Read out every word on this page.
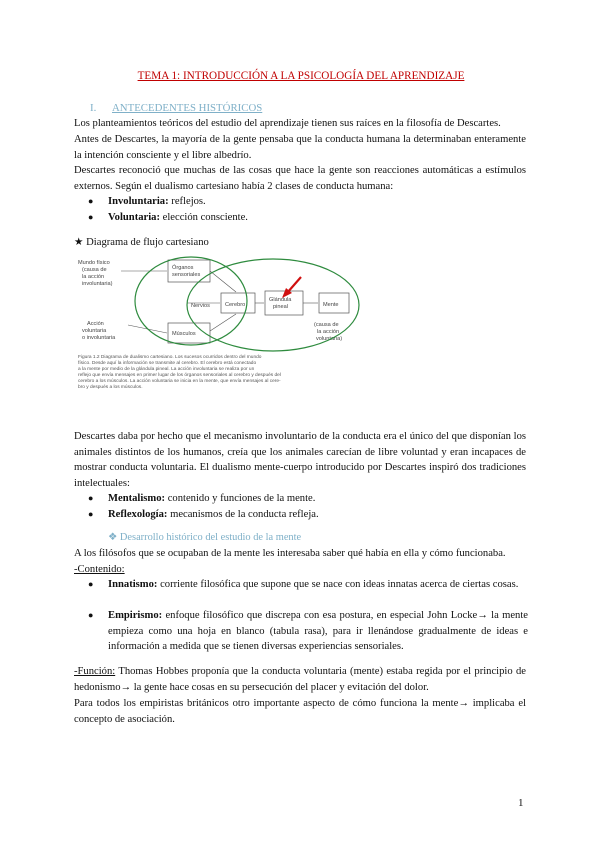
TEMA 1: INTRODUCCIÓN A LA PSICOLOGÍA DEL APRENDIZAJE
I. ANTECEDENTES HISTÓRICOS
Los planteamientos teóricos del estudio del aprendizaje tienen sus raíces en la filosofía de Descartes.
Antes de Descartes, la mayoría de la gente pensaba que la conducta humana la determinaban enteramente la intención consciente y el libre albedrío.
Descartes reconoció que muchas de las cosas que hace la gente son reacciones automáticas a estímulos externos. Según el dualismo cartesiano había 2 clases de conducta humana:
● Involuntaria: reflejos.
● Voluntaria: elección consciente.
★ Diagrama de flujo cartesiano
Mundo físico
(causa de
la acción
involuntaria)
Órganos
sensoriales
Nervios	Cerebro
Glándula
pineal	Mente
Músculos
Acción
voluntaria
o involuntaria
(causa de
la acción
voluntaria)
Figura 1.2 Diagrama de dualismo cartesiano. Los sucesos ocurridos dentro del mundo
físico. Desde aquí la información se transmite al cerebro. El cerebro está conectado
a la mente por medio de la glándula pineal. La acción involuntaria se realiza por un
reflejo que envía mensajes en primer lugar de los órganos sensoriales al cerebro y después del
cerebro a los músculos. La acción voluntaria se inicia en la mente, que envía mensajes al cere-
bro y después a los músculos.
Descartes daba por hecho que el mecanismo involuntario de la conducta era el único del que disponían los animales distintos de los humanos, creía que los animales carecían de libre voluntad y eran incapaces de mostrar conducta voluntaria. El dualismo mente-cuerpo introducido por Descartes inspiró dos tradiciones intelectuales:
● Mentalismo: contenido y funciones de la mente.
● Reflexología: mecanismos de la conducta refleja.
❖ Desarrollo histórico del estudio de la mente
A los filósofos que se ocupaban de la mente les interesaba saber qué había en ella y cómo funcionaba.
-Contenido:
● Innatismo: corriente filosófica que supone que se nace con ideas innatas acerca de ciertas cosas.
● Empirismo: enfoque filosófico que discrepa con esa postura, en especial John Locke→ la mente empieza como una hoja en blanco (tabula rasa), para ir llenándose gradualmente de ideas e información a medida que se tienen diversas experiencias sensoriales.
-Función: Thomas Hobbes proponía que la conducta voluntaria (mente) estaba regida por el principio de hedonismo→ la gente hace cosas en su persecución del placer y evitación del dolor.
Para todos los empiristas británicos otro importante aspecto de cómo funciona la mente→ implicaba el concepto de asociación.
1
